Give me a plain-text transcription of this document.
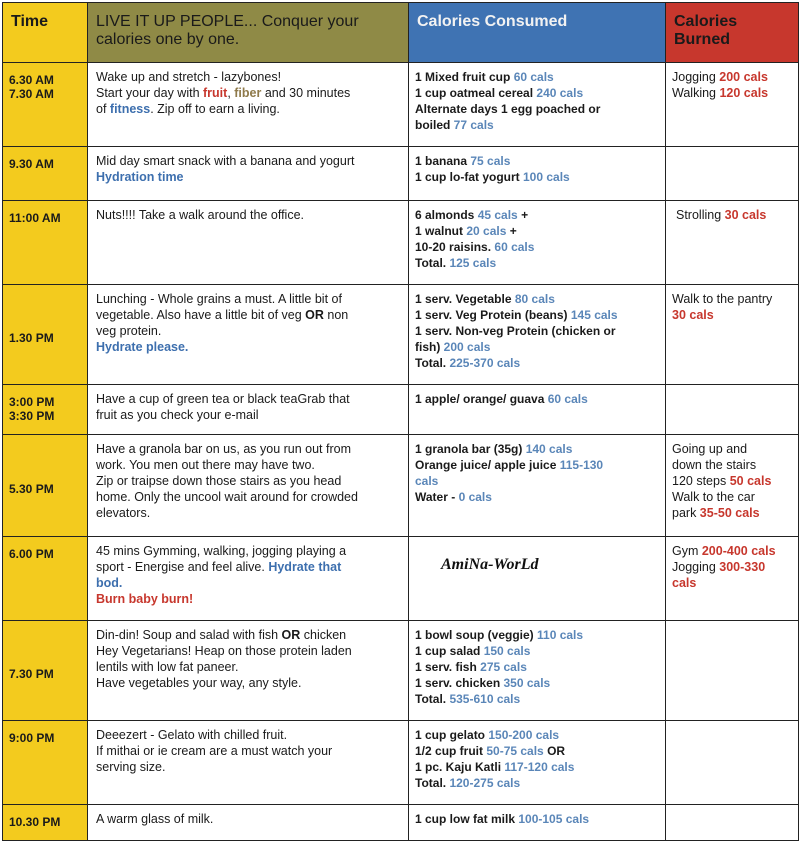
Time	LIVE IT UP PEOPLE... Conquer your calories one by one.	Calories Consumed	Calories Burned

6.30 AM
7.30 AM	Wake up and stretch - lazybones!
Start your day with fruit, fiber and 30 minutes
of fitness. Zip off to earn a living.	1 Mixed fruit cup 60 cals
1 cup oatmeal cereal 240 cals
Alternate days 1 egg poached or
boiled 77 cals	Jogging 200 cals
Walking 120 cals

9.30 AM	Mid day smart snack with a banana and yogurt
Hydration time	1 banana 75 cals
1 cup lo-fat yogurt 100 cals	

11:00 AM	Nuts!!!! Take a walk around the office.	6 almonds 45 cals +
1 walnut 20 cals +
10-20 raisins. 60 cals
Total. 125 cals	Strolling 30 cals

1.30 PM	Lunching - Whole grains a must. A little bit of
vegetable. Also have a little bit of veg OR non
veg protein.
Hydrate please.	1 serv. Vegetable 80 cals
1 serv. Veg Protein (beans) 145 cals
1 serv. Non-veg Protein (chicken or
fish) 200 cals
Total. 225-370 cals	Walk to the pantry
30 cals

3:00 PM
3:30 PM	Have a cup of green tea or black teaGrab that
fruit as you check your e-mail	1 apple/ orange/ guava 60 cals	

5.30 PM	Have a granola bar on us, as you run out from
work. You men out there may have two.
Zip or traipse down those stairs as you head
home. Only the uncool wait around for crowded
elevators.	1 granola bar (35g) 140 cals
Orange juice/ apple juice 115-130
cals
Water - 0 cals	Going up and
down the stairs
120 steps 50 cals
Walk to the car
park 35-50 cals

6.00 PM	45 mins Gymming, walking, jogging playing a
sport - Energise and feel alive. Hydrate that
bod.
Burn baby burn!	AmiNa-WorLd	Gym 200-400 cals
Jogging 300-330
cals

7.30 PM	Din-din! Soup and salad with fish OR chicken
Hey Vegetarians! Heap on those protein laden
lentils with low fat paneer.
Have vegetables your way, any style.	1 bowl soup (veggie) 110 cals
1 cup salad 150 cals
1 serv. fish 275 cals
1 serv. chicken 350 cals
Total. 535-610 cals	

9:00 PM	Deeezert - Gelato with chilled fruit.
If mithai or ie cream are a must watch your
serving size.	1 cup gelato 150-200 cals
1/2 cup fruit 50-75 cals OR
1 pc. Kaju Katli 117-120 cals
Total. 120-275 cals	

10.30 PM	A warm glass of milk.	1 cup low fat milk 100-105 cals	
